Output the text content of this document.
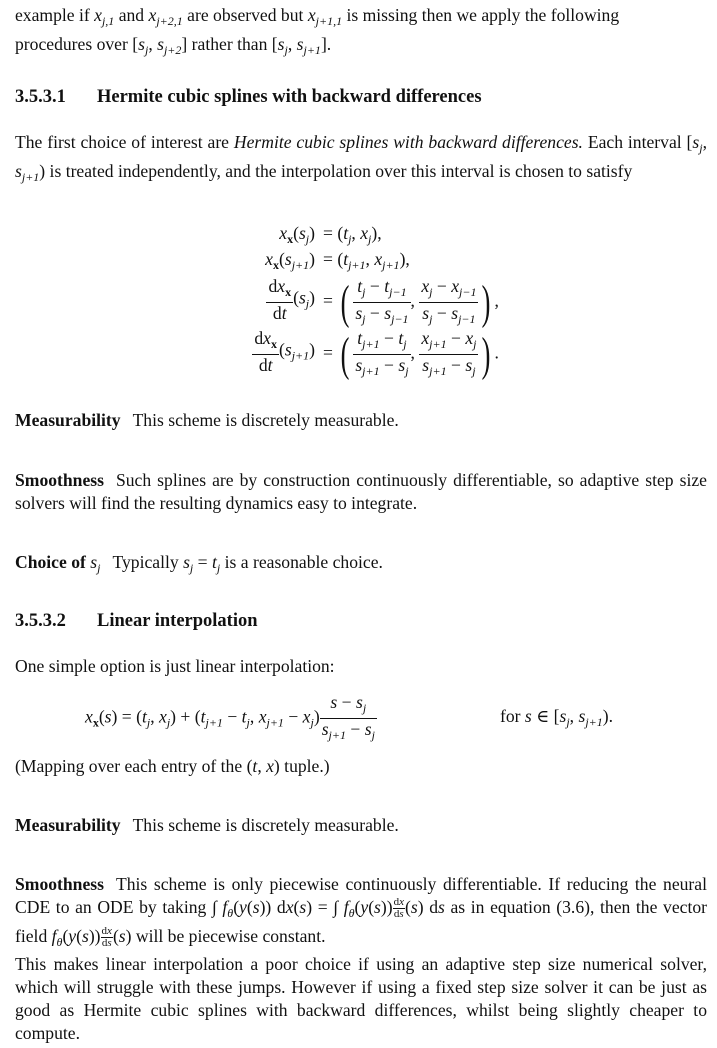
example if $x_{j,1}$ and $x_{j+2,1}$ are observed but $x_{j+1,1}$ is missing then we apply the following
procedures over [$s_j$, $s_{j+2}$] rather than [$s_j$, $s_{j+1}$].

3.5.3.1 Hermite cubic splines with backward differences

The first choice of interest are Hermite cubic splines with backward differences. Each interval [$s_j$, $s_{j+1}$) is treated independently, and the interpolation over this interval is chosen to satisfy

$x_x(s_j) = (t_j$, $x_j$),
$x_x(s_{j+1}) = (t_{j+1}$, $x_{j+1}$),
$\frac{dx_x}{dt} (s_j)$ = ( $\frac{t_j - t_{j-1}}{s_j - s_{j-1}}$ , $\frac{x_j - x_{j-1}}{s_j - s_{j-1}}$ ) ,
$\frac{dx_x}{dt} (s_{j+1})$ = ( $\frac{t_{j+1} - t_j}{s_{j+1} - s_j}$ , $\frac{x_{j+1} - x_j}{s_{j+1} - s_j}$ ) .

Measurability This scheme is discretely measurable.

Smoothness Such splines are by construction continuously differentiable, so adaptive step size solvers will find the resulting dynamics easy to integrate.

Choice of $s_j$ Typically $s_j = t_j$ is a reasonable choice.

3.5.3.2 Linear interpolation

One simple option is just linear interpolation:

$x_x(s) = (t_j$, $x_j) + (t_{j+1} - t_j$, $x_{j+1} - x_j) \frac{s - s_j}{s_{j+1} - s_j}$	for s ∈ [$s_j$, $s_{j+1}$).

(Mapping over each entry of the (t, x) tuple.)

Measurability This scheme is discretely measurable.

Smoothness This scheme is only piecewise continuously differentiable. If reducing the neural CDE to an ODE by taking ∫ $f_\theta(y(s)) dx(s)$ = ∫ $f_\theta(y(s)) \frac{dx}{ds} (s)$ ds as in equation (3.6), then the vector field $f_\theta(y(s)) \frac{dx}{ds} (s)$ will be piecewise constant.

This makes linear interpolation a poor choice if using an adaptive step size numerical solver, which will struggle with these jumps. However if using a fixed step size solver it can be just as good as Hermite cubic splines with backward differences, whilst being slightly cheaper to compute.
